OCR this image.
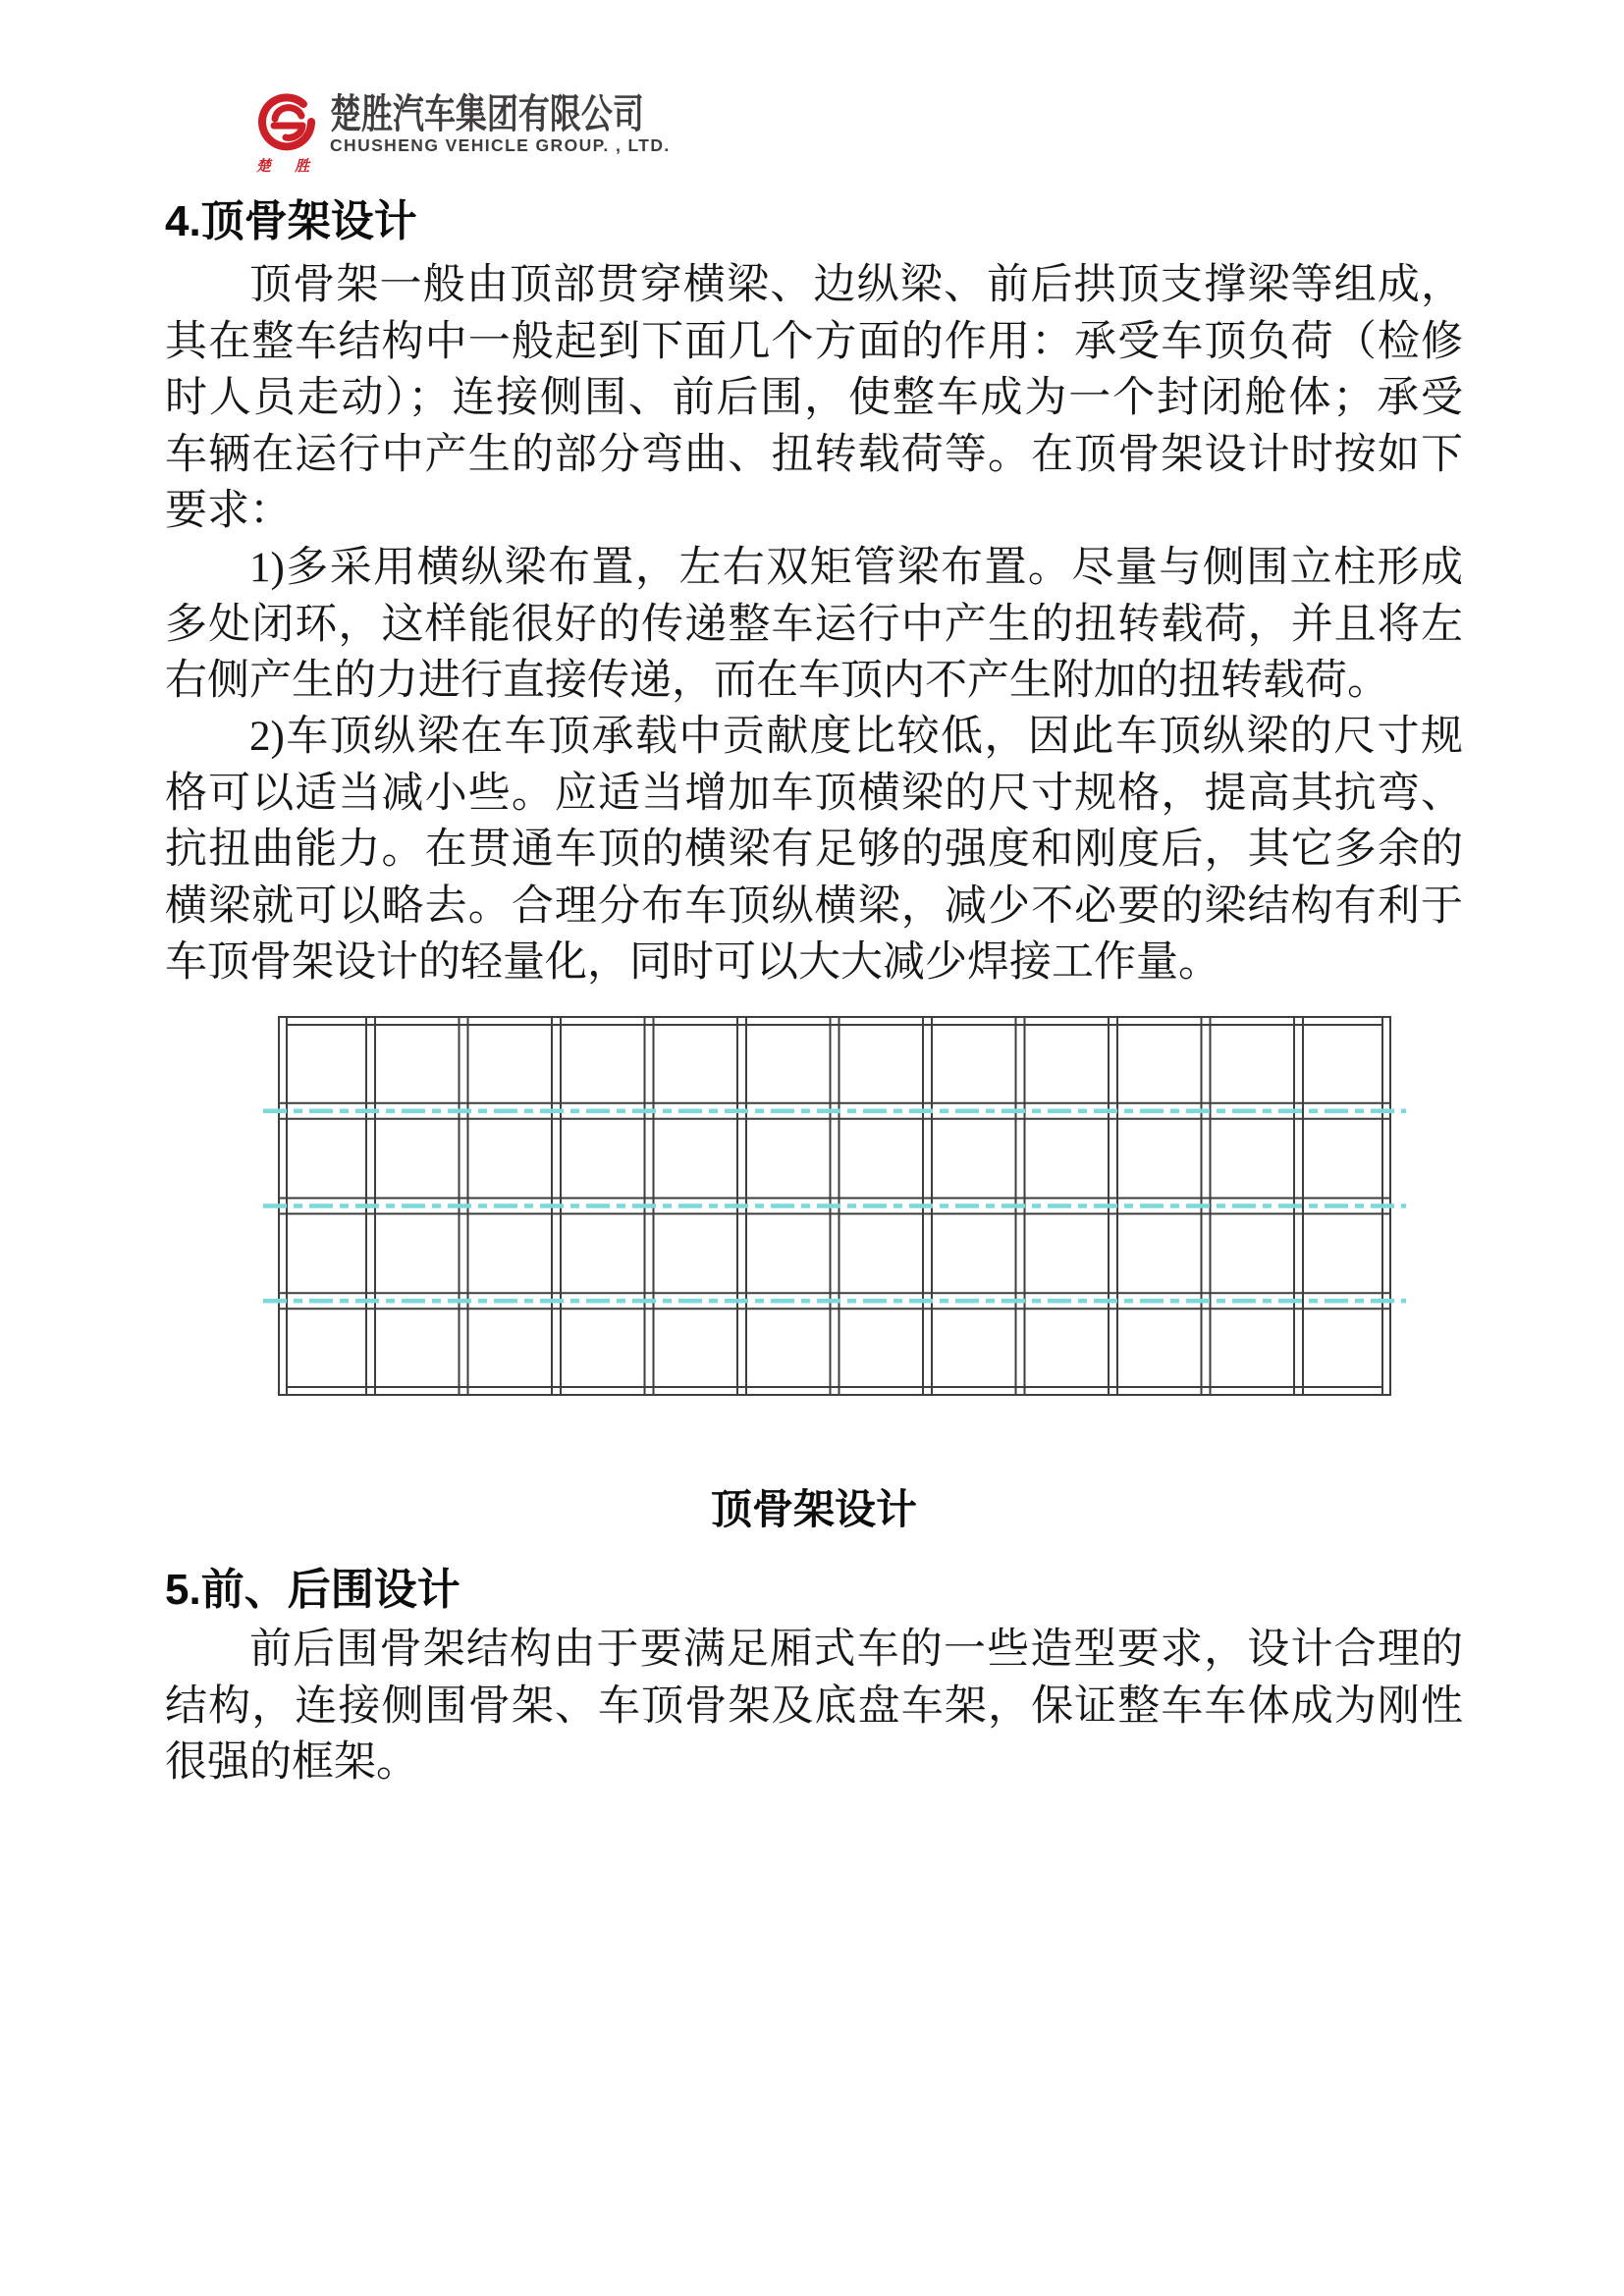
楚 胜
楚胜汽车集团有限公司
CHUSHENG VEHICLE GROUP. , LTD.
4.顶骨架设计
顶骨架一般由顶部贯穿横梁、边纵梁、前后拱顶支撑梁等组成，
其在整车结构中一般起到下面几个方面的作用：承受车顶负荷（检修
时人员走动）；连接侧围、前后围，使整车成为一个封闭舱体；承受
车辆在运行中产生的部分弯曲、扭转载荷等。在顶骨架设计时按如下
要求：
1)多采用横纵梁布置，左右双矩管梁布置。尽量与侧围立柱形成
多处闭环，这样能很好的传递整车运行中产生的扭转载荷，并且将左
右侧产生的力进行直接传递，而在车顶内不产生附加的扭转载荷。
2)车顶纵梁在车顶承载中贡献度比较低，因此车顶纵梁的尺寸规
格可以适当减小些。应适当增加车顶横梁的尺寸规格，提高其抗弯、
抗扭曲能力。在贯通车顶的横梁有足够的强度和刚度后，其它多余的
横梁就可以略去。合理分布车顶纵横梁，减少不必要的梁结构有利于
车顶骨架设计的轻量化，同时可以大大减少焊接工作量。
顶骨架设计
5.前、后围设计
前后围骨架结构由于要满足厢式车的一些造型要求，设计合理的
结构，连接侧围骨架、车顶骨架及底盘车架，保证整车车体成为刚性
很强的框架。
